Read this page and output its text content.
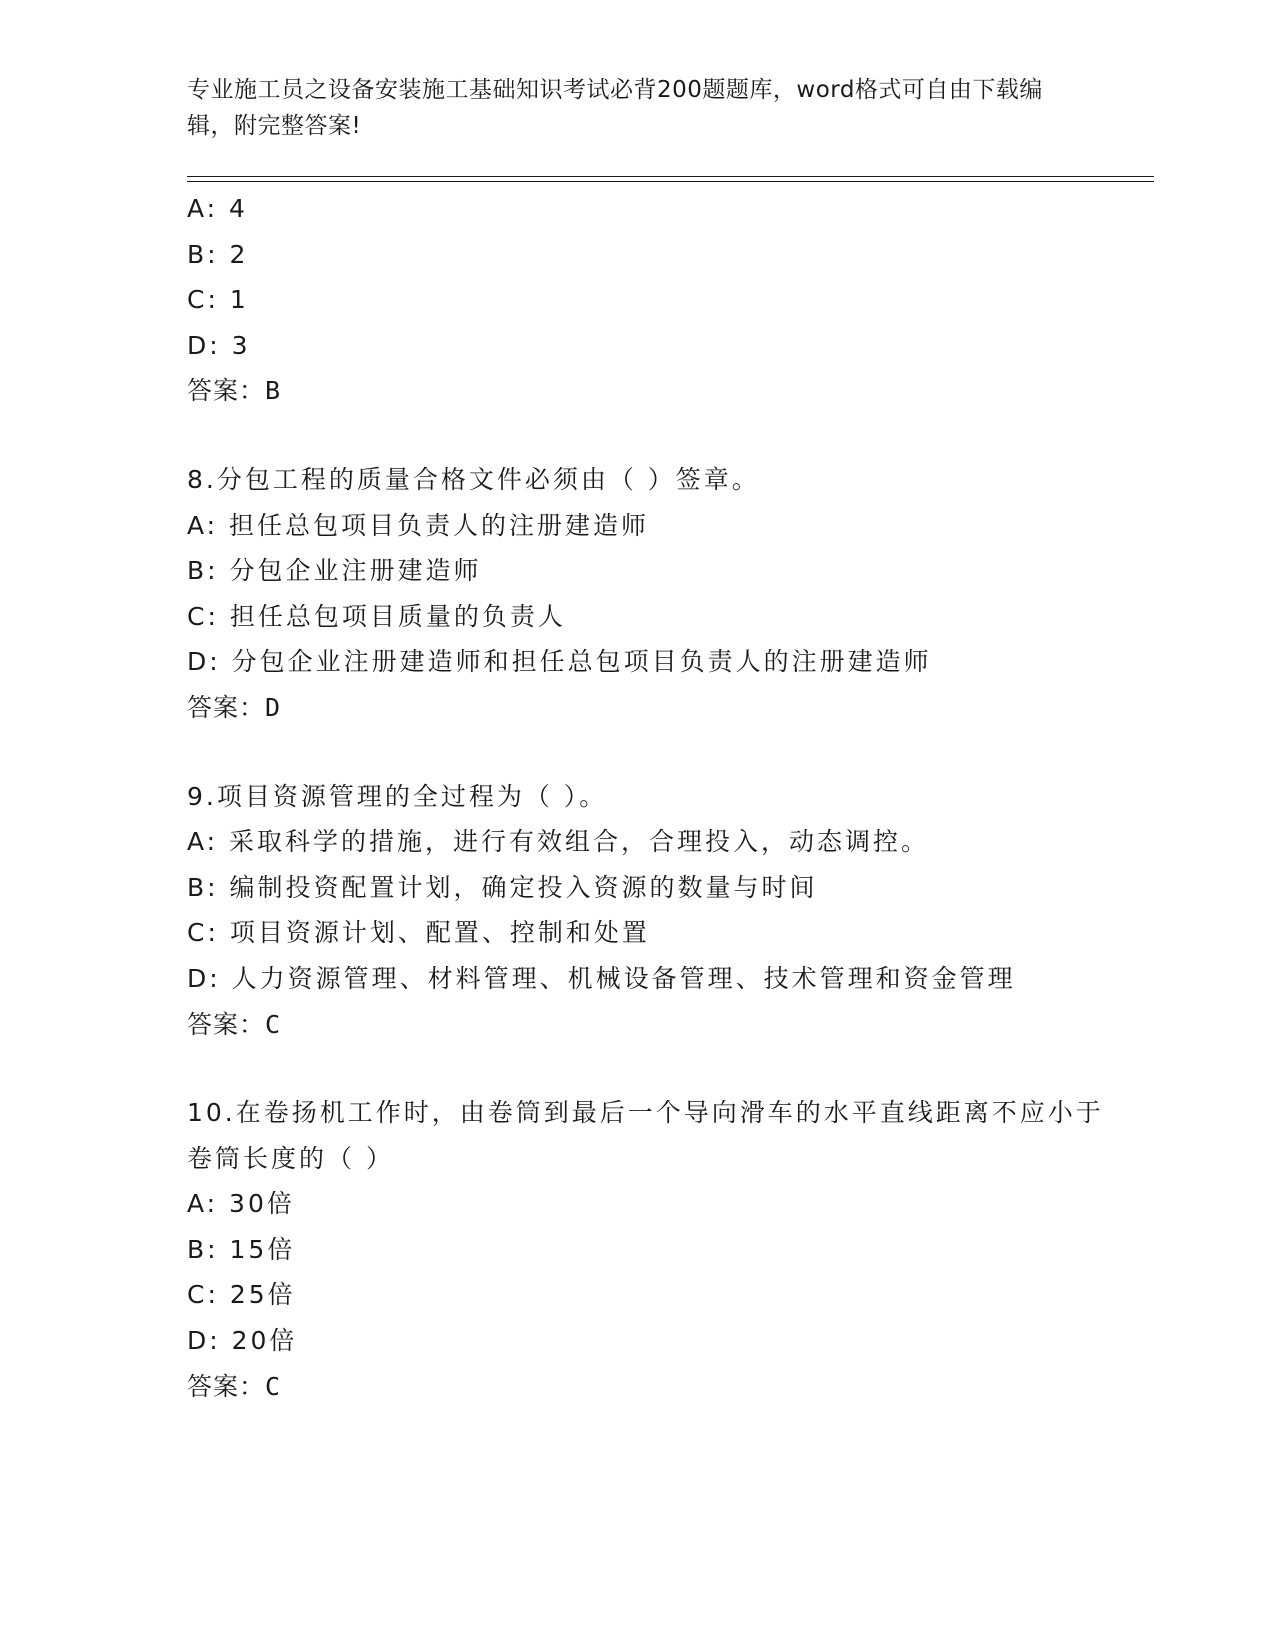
专业施工员之设备安装施工基础知识考试必背200题题库，word格式可自由下载编辑，附完整答案!
A: 4
B: 2
C: 1
D: 3
答案：B
8.分包工程的质量合格文件必须由（ ）签章。
A: 担任总包项目负责人的注册建造师
B: 分包企业注册建造师
C: 担任总包项目质量的负责人
D: 分包企业注册建造师和担任总包项目负责人的注册建造师
答案：D
9.项目资源管理的全过程为（ ）。
A: 采取科学的措施，进行有效组合，合理投入，动态调控。
B: 编制投资配置计划，确定投入资源的数量与时间
C: 项目资源计划、配置、控制和处置
D: 人力资源管理、材料管理、机械设备管理、技术管理和资金管理
答案：C
10.在卷扬机工作时，由卷筒到最后一个导向滑车的水平直线距离不应小于卷筒长度的（ ）
A: 30倍
B: 15倍
C: 25倍
D: 20倍
答案：C
